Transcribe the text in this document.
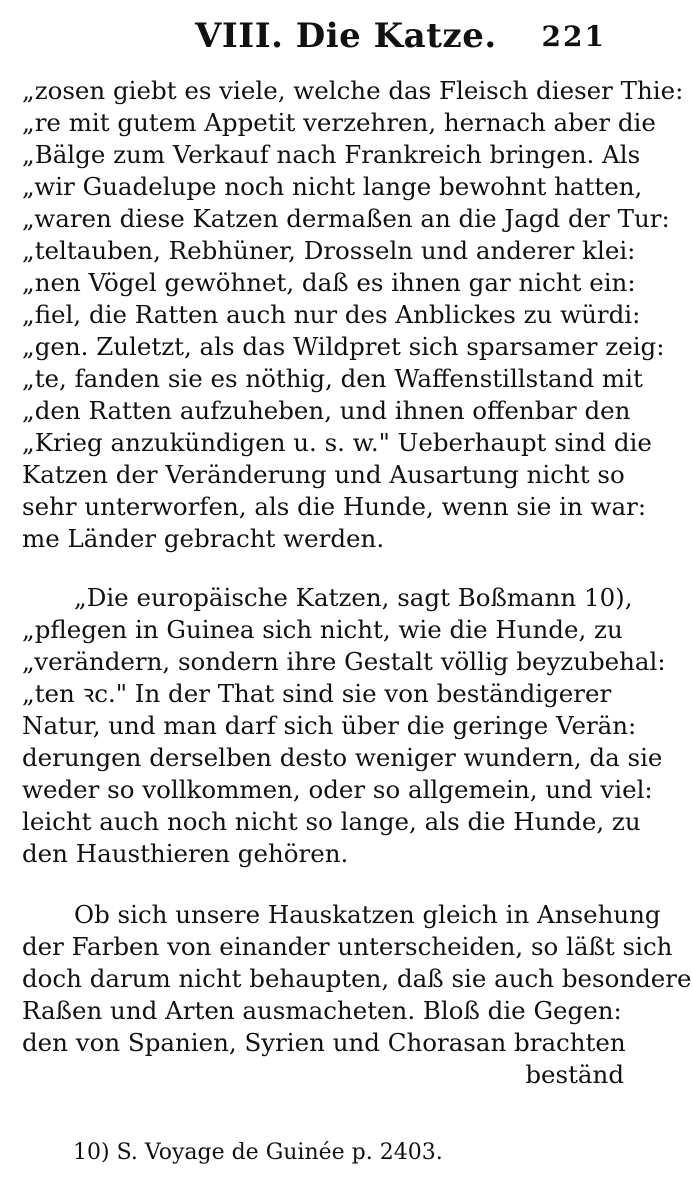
VIII. Die Katze. 221
„zosen giebt es viele, welche das Fleisch dieser Thie:
„re mit gutem Appetit verzehren, hernach aber die
„Bälge zum Verkauf nach Frankreich bringen. Als
„wir Guadelupe noch nicht lange bewohnt hatten,
„waren diese Katzen dermaßen an die Jagd der Tur:
„teltauben, Rebhüner, Drosseln und anderer klei:
„nen Vögel gewöhnet, daß es ihnen gar nicht ein:
„fiel, die Ratten auch nur des Anblickes zu würdi:
„gen. Zuletzt, als das Wildpret sich sparsamer zeig:
„te, fanden sie es nöthig, den Waffenstillstand mit
„den Ratten aufzuheben, und ihnen offenbar den
„Krieg anzukündigen u. s. w." Ueberhaupt sind die
Katzen der Veränderung und Ausartung nicht so
sehr unterworfen, als die Hunde, wenn sie in war:
me Länder gebracht werden.
„Die europäische Katzen, sagt Boßmann 10),
„pflegen in Guinea sich nicht, wie die Hunde, zu
„verändern, sondern ihre Gestalt völlig beyzubehal:
„ten ꝛc." In der That sind sie von beständigerer
Natur, und man darf sich über die geringe Verän:
derungen derselben desto weniger wundern, da sie
weder so vollkommen, oder so allgemein, und viel:
leicht auch noch nicht so lange, als die Hunde, zu
den Hausthieren gehören.
Ob sich unsere Hauskatzen gleich in Ansehung
der Farben von einander unterscheiden, so läßt sich
doch darum nicht behaupten, daß sie auch besondere
Raßen und Arten ausmacheten. Bloß die Gegen:
den von Spanien, Syrien und Chorasan brachten
beständ
10) S. Voyage de Guinée p. 2403.
